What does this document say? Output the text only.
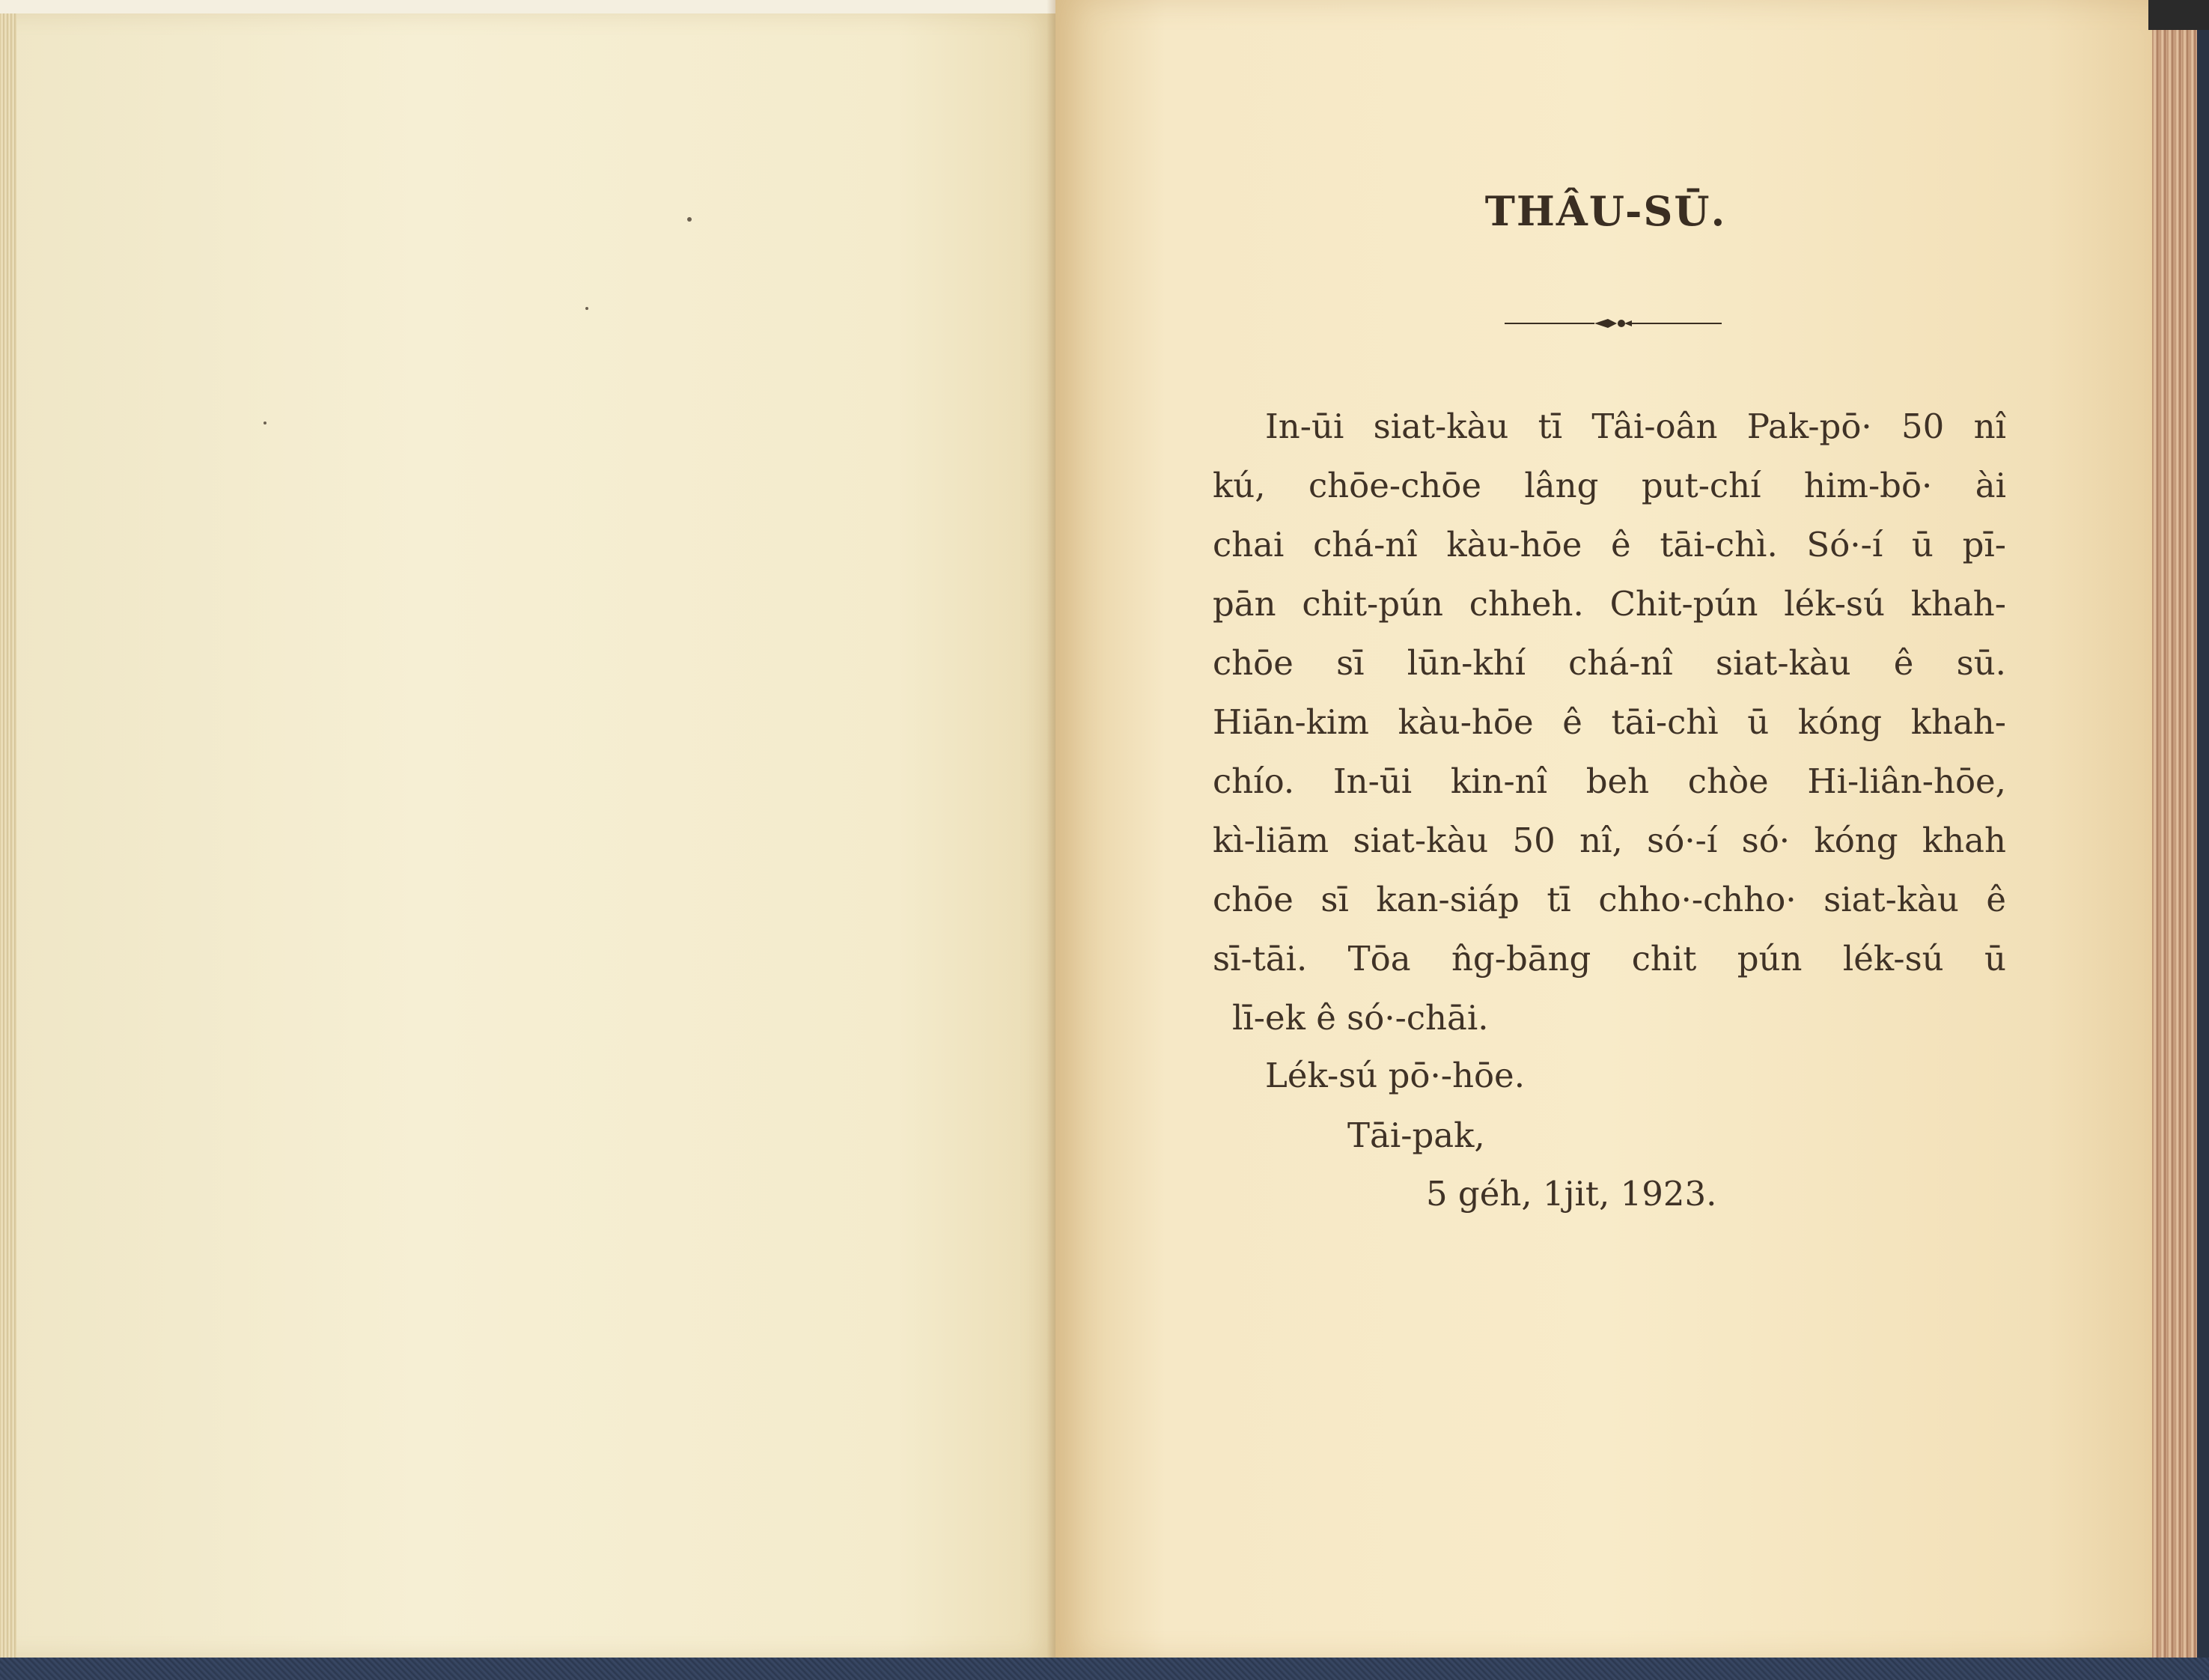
THÂU-SŪ.
In-ūi siat-kàu tī Tâi-oân Pak-pō· 50 nî
kú, chōe-chōe lâng put-chí him-bō· ài
chai chá-nî kàu-hōe ê tāi-chì. Só·-í ū pī-
pān chit-pún chheh. Chit-pún lék-sú khah-
chōe sī lūn-khí chá-nî siat-kàu ê sū.
Hiān-kim kàu-hōe ê tāi-chì ū kóng khah-
chío. In-ūi kin-nî beh chòe Hi-liân-hōe,
kì-liām siat-kàu 50 nî, só·-í só· kóng khah
chōe sī kan-siáp tī chho·-chho· siat-kàu ê
sī-tāi. Tōa n̂g-bāng chit pún lék-sú ū
lī-ek ê só·-chāi.
Lék-sú pō·-hōe.
Tāi-pak,
5 géh, 1jit, 1923.
